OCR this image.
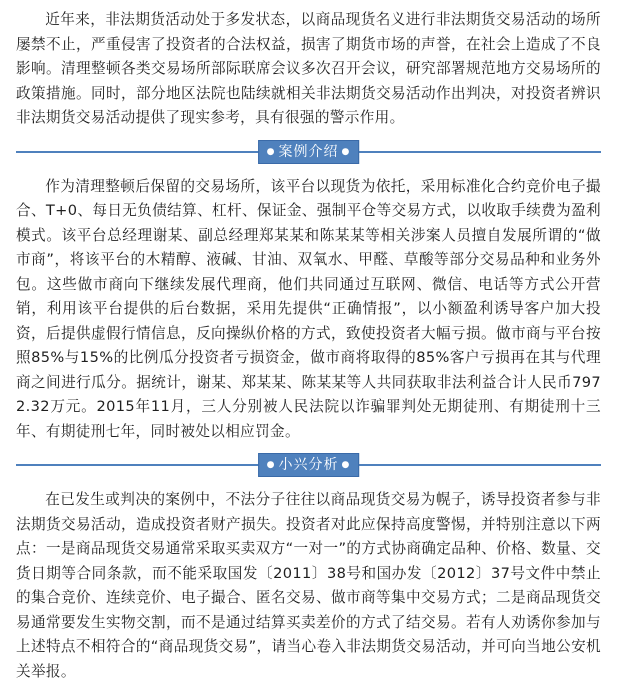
近年来，非法期货活动处于多发状态，以商品现货名义进行非法期货交易活动的场所屡禁不止，严重侵害了投资者的合法权益，损害了期货市场的声誉，在社会上造成了不良影响。清理整顿各类交易场所部际联席会议多次召开会议，研究部署规范地方交易场所的政策措施。同时，部分地区法院也陆续就相关非法期货交易活动作出判决，对投资者辨识非法期货交易活动提供了现实参考，具有很强的警示作用。

● 案例介绍 ●

作为清理整顿后保留的交易场所，该平台以现货为依托，采用标准化合约竞价电子撮合、T+0、每日无负债结算、杠杆、保证金、强制平仓等交易方式，以收取手续费为盈利模式。该平台总经理谢某、副总经理郑某某和陈某某等相关涉案人员擅自发展所谓的“做市商”，将该平台的木精醇、液碱、甘油、双氧水、甲醛、草酸等部分交易品种和业务外包。这些做市商向下继续发展代理商，他们共同通过互联网、微信、电话等方式公开营销，利用该平台提供的后台数据，采用先提供“正确情报”，以小额盈利诱导客户加大投资，后提供虚假行情信息，反向操纵价格的方式，致使投资者大幅亏损。做市商与平台按照85%与15%的比例瓜分投资者亏损资金，做市商将取得的85%客户亏损再在其与代理商之间进行瓜分。据统计，谢某、郑某某、陈某某等人共同获取非法利益合计人民币7972.32万元。2015年11月，三人分别被人民法院以诈骗罪判处无期徒刑、有期徒刑十三年、有期徒刑七年，同时被处以相应罚金。

● 小兴分析 ●

在已发生或判决的案例中，不法分子往往以商品现货交易为幌子，诱导投资者参与非法期货交易活动，造成投资者财产损失。投资者对此应保持高度警惕，并特别注意以下两点：一是商品现货交易通常采取买卖双方“一对一”的方式协商确定品种、价格、数量、交货日期等合同条款，而不能采取国发〔2011〕38号和国办发〔2012〕37号文件中禁止的集合竞价、连续竞价、电子撮合、匿名交易、做市商等集中交易方式；二是商品现货交易通常要发生实物交割，而不是通过结算买卖差价的方式了结交易。若有人劝诱你参加与上述特点不相符合的“商品现货交易”，请当心卷入非法期货交易活动，并可向当地公安机关举报。
